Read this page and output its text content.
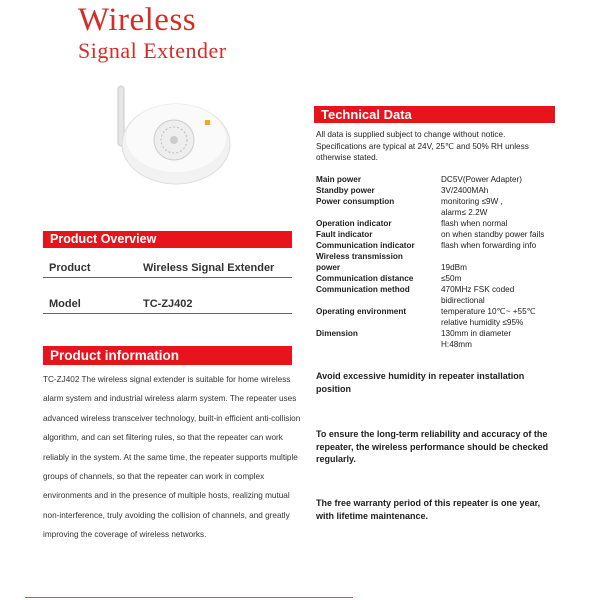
Wireless
Signal Extender
Technical Data
All data is supplied subject to change without notice. Specifications are typical at 24V, 25℃ and 50% RH unless otherwise stated.
Main power	DC5V(Power Adapter)
Standby power	3V/2400MAh
Power consumption	monitoring ≤9W ,
alarm≤ 2.2W
Operation indicator	flash when normal
Fault indicator	on when standby power fails
Communication indicator	flash when forwarding info
Wireless transmission
power	19dBm
Communication distance	≤50m
Communication method	470MHz FSK coded
bidirectional
Operating environment	temperature 10℃~ +55℃
relative humidity ≤95%
Dimension	130mm in diameter
H:48mm
Product Overview
Product	Wireless Signal Extender
Model	TC-ZJ402
Product information
TC-ZJ402 The wireless signal extender is suitable for home wireless alarm system and industrial wireless alarm system. The repeater uses advanced wireless transceiver technology, built-in efficient anti-collision algorithm, and can set filtering rules, so that the repeater can work reliably in the system. At the same time, the repeater supports multiple groups of channels, so that the repeater can work in complex environments and in the presence of multiple hosts, realizing mutual non-interference, truly avoiding the collision of channels, and greatly improving the coverage of wireless networks.
Avoid excessive humidity in repeater installation position
To ensure the long-term reliability and accuracy of the repeater, the wireless performance should be checked regularly.
The free warranty period of this repeater is one year, with lifetime maintenance.
